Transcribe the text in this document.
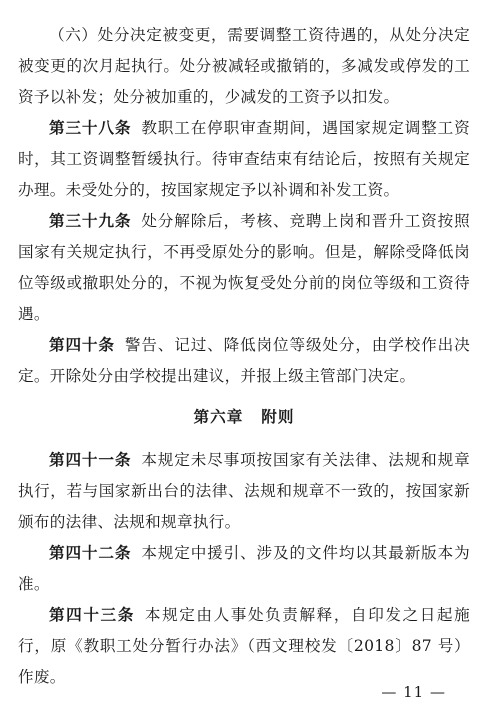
（六）处分决定被变更，需要调整工资待遇的，从处分决定被变更的次月起执行。处分被减轻或撤销的，多减发或停发的工资予以补发；处分被加重的，少减发的工资予以扣发。

第三十八条 教职工在停职审查期间，遇国家规定调整工资时，其工资调整暂缓执行。待审查结束有结论后，按照有关规定办理。未受处分的，按国家规定予以补调和补发工资。

第三十九条 处分解除后，考核、竞聘上岗和晋升工资按照国家有关规定执行，不再受原处分的影响。但是，解除受降低岗位等级或撤职处分的，不视为恢复受处分前的岗位等级和工资待遇。

第四十条 警告、记过、降低岗位等级处分，由学校作出决定。开除处分由学校提出建议，并报上级主管部门决定。

第六章 附则

第四十一条 本规定未尽事项按国家有关法律、法规和规章执行，若与国家新出台的法律、法规和规章不一致的，按国家新颁布的法律、法规和规章执行。

第四十二条 本规定中援引、涉及的文件均以其最新版本为准。

第四十三条 本规定由人事处负责解释，自印发之日起施行，原《教职工处分暂行办法》（西文理校发〔2018〕87 号）作废。

— 11 —
